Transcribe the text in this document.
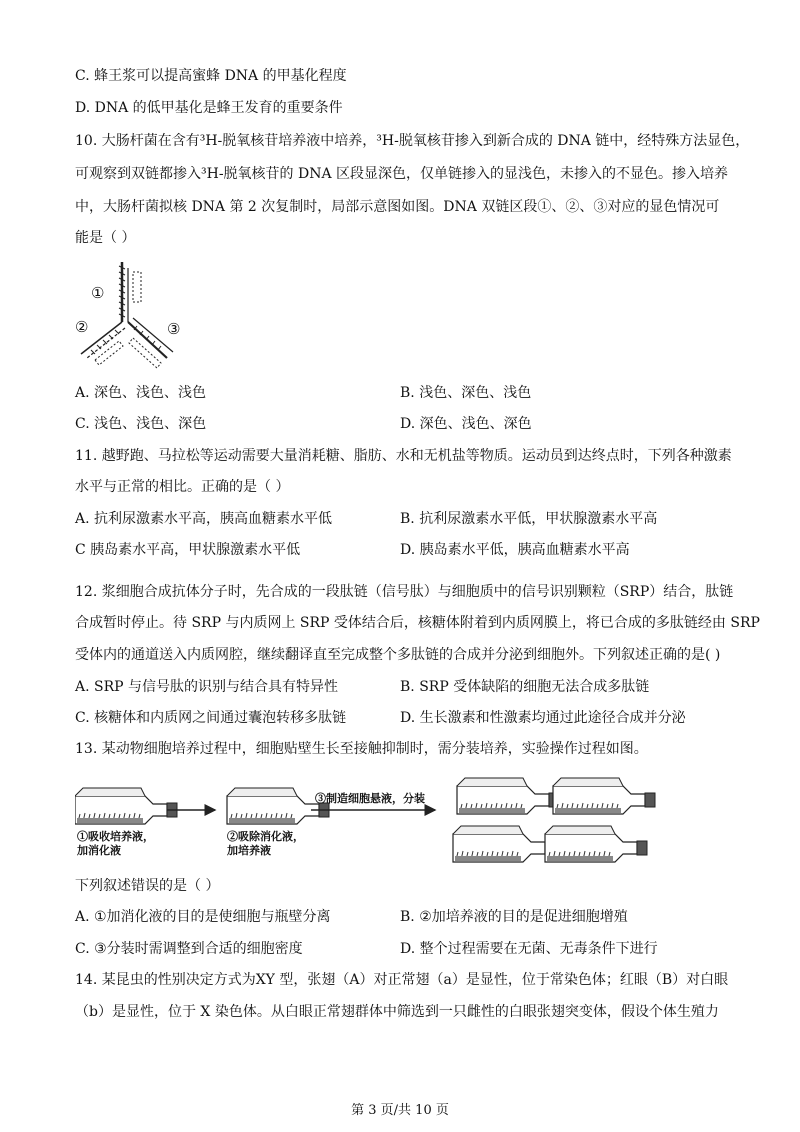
C. 蜂王浆可以提高蜜蜂 DNA 的甲基化程度
D. DNA 的低甲基化是蜂王发育的重要条件
10. 大肠杆菌在含有³H-脱氧核苷培养液中培养，³H-脱氧核苷掺入到新合成的 DNA 链中，经特殊方法显色，
可观察到双链都掺入³H-脱氧核苷的 DNA 区段显深色，仅单链掺入的显浅色，未掺入的不显色。掺入培养
中，大肠杆菌拟核 DNA 第 2 次复制时，局部示意图如图。DNA 双链区段①、②、③对应的显色情况可
能是（ ）
①
②	③
A. 深色、浅色、浅色	B. 浅色、深色、浅色
C. 浅色、浅色、深色	D. 深色、浅色、深色
11. 越野跑、马拉松等运动需要大量消耗糖、脂肪、水和无机盐等物质。运动员到达终点时，下列各种激素
水平与正常的相比。正确的是（ ）
A. 抗利尿激素水平高，胰高血糖素水平低	B. 抗利尿激素水平低，甲状腺激素水平高
C 胰岛素水平高，甲状腺激素水平低	D. 胰岛素水平低，胰高血糖素水平高
12. 浆细胞合成抗体分子时，先合成的一段肽链（信号肽）与细胞质中的信号识别颗粒（SRP）结合，肽链
合成暂时停止。待 SRP 与内质网上 SRP 受体结合后，核糖体附着到内质网膜上，将已合成的多肽链经由 SRP
受体内的通道送入内质网腔，继续翻译直至完成整个多肽链的合成并分泌到细胞外。下列叙述正确的是( )
A. SRP 与信号肽的识别与结合具有特异性	B. SRP 受体缺陷的细胞无法合成多肽链
C. 核糖体和内质网之间通过囊泡转移多肽链	D. 生长激素和性激素均通过此途径合成并分泌
13. 某动物细胞培养过程中，细胞贴壁生长至接触抑制时，需分装培养，实验操作过程如图。
①吸收培养液，
加消化液
②吸除消化液，
加培养液
③制造细胞悬液，分装
下列叙述错误的是（ ）
A. ①加消化液的目的是使细胞与瓶壁分离	B. ②加培养液的目的是促进细胞增殖
C. ③分装时需调整到合适的细胞密度	D. 整个过程需要在无菌、无毒条件下进行
14. 某昆虫的性别决定方式为XY 型，张翅（A）对正常翅（a）是显性，位于常染色体；红眼（B）对白眼
（b）是显性，位于 X 染色体。从白眼正常翅群体中筛选到一只雌性的白眼张翅突变体，假设个体生殖力
第 3 页/共 10 页
